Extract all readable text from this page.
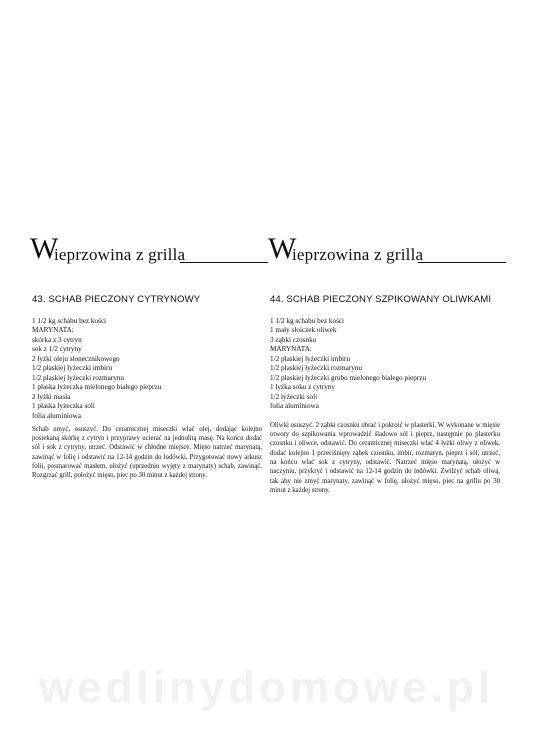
W
ieprzowina z grilla
43. SCHAB PIECZONY CYTRYNOWY
1 1/2 kg schabu bez kości
MARYNATA:
skórka z 3 cytryn
sok z 1/2 cytryny
2 łyżki oleju słonecznikowego
1/2 płaskiej łyżeczki imbiru
1/2 płaskiej łyżeczki rozmarynu
1 płaska łyżeczka mielonego białego pieprzu
2 łyżki masła
1 płaska łyżeczka soli
folia aluminiowa

Schab umyć, osuszyć. Do ceramicznej miseczki wlać olej, dodając kolejno posiekaną skórkę z cytryn i przyprawy ucierać na jednolitą masę. Na końcu dodać sól i sok z cytryny, utrzeć. Odstawić w chłodne miejsce. Mięso natrzeć marynatą, zawinąć w folię i odstawić na 12-14 godzin do lodówki. Przygotować nowy arkusz folii, posmarować masłem, ułożyć (uprzednio wyjęty z marynaty) schab, zawinąć. Rozgrzać grill, położyć mięso, piec po 30 minut z każdej strony.

W
ieprzowina z grilla
44. SCHAB PIECZONY SZPIKOWANY OLIWKAMI
1 1/2 kg schabu bez kości
1 mały słoiczek oliwek
3 ząbki czosnku
MARYNATA:
1/2 płaskiej łyżeczki imbiru
1/2 płaskiej łyżeczki rozmarynu
1/2 płaskiej łyżeczki grubo mielonego białego pieprzu
1 łyżka soku z cytryny
1/2 łyżeczki soli
folia aluminiowa

Oliwki osuszyć. 2 ząbki czosnku obrać i pokroić w plasterki. W wykonane w mięsie otwory do szpikowania wprowadzić śladowo sól i pieprz, następnie po plasterku czosnku i oliwce, odstawić. Do ceramicznej miseczki wlać 4 łyżki oliwy z oliwek, dodać kolejno 1 przeciśnięty ząbek czosnku, imbir, rozmaryn, pieprz i sól, utrzeć, na końcu wlać sok z cytryny, odstawić. Natrzeć mięso marynatą, ułożyć w naczyniu, przykryć i odstawić na 12-14 godzin do lodówki. Zwilżyć schab oliwą, tak aby nie zmyć marynaty, zawinąć w folię, ułożyć mięso, piec na grillu po 30 minut z każdej strony.

wedlinydomowe.pl
